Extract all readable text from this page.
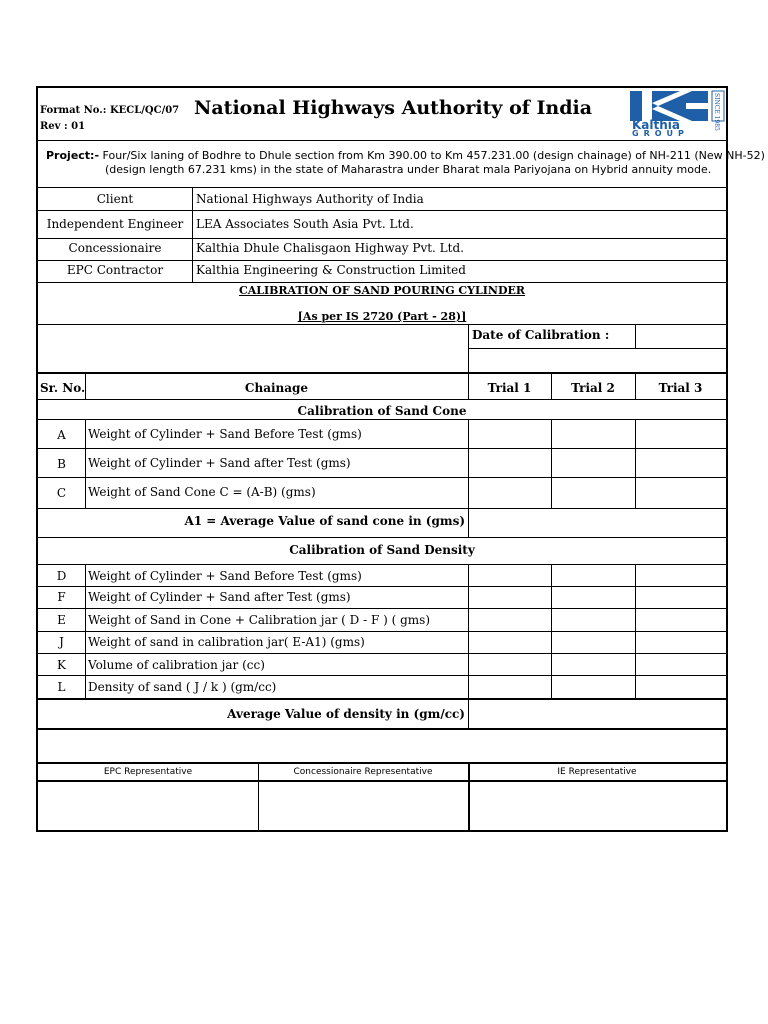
Format No.: KECL/QC/07
Rev : 01
National Highways Authority of India	SINCE 1985
Kalthia
GROUP
Project:- Four/Six laning of Bodhre to Dhule section from Km 390.00 to Km 457.231.00 (design chainage) of NH-211 (New NH-52)
(design length 67.231 kms) in the state of Maharastra under Bharat mala Pariyojana on Hybrid annuity mode.
Client	National Highways Authority of India
Independent Engineer	LEA Associates South Asia Pvt. Ltd.
Concessionaire	Kalthia Dhule Chalisgaon Highway Pvt. Ltd.
EPC Contractor	Kalthia Engineering & Construction Limited
CALIBRATION OF SAND POURING CYLINDER
[As per IS 2720 (Part - 28)]
Date of Calibration :
Sr. No.	Chainage	Trial 1	Trial 2	Trial 3
Calibration of Sand Cone
A	Weight of Cylinder + Sand Before Test (gms)
B	Weight of Cylinder + Sand after Test (gms)
C	Weight of Sand Cone C = (A-B) (gms)
A1 = Average Value of sand cone in (gms)
Calibration of Sand Density
D	Weight of Cylinder + Sand Before Test (gms)
F	Weight of Cylinder + Sand after Test (gms)
E	Weight of Sand in Cone + Calibration jar ( D - F ) ( gms)
J	Weight of sand in calibration jar( E-A1) (gms)
K	Volume of calibration jar (cc)
L	Density of sand ( J / k ) (gm/cc)
Average Value of density in (gm/cc)
EPC Representative	Concessionaire Representative	IE Representative
